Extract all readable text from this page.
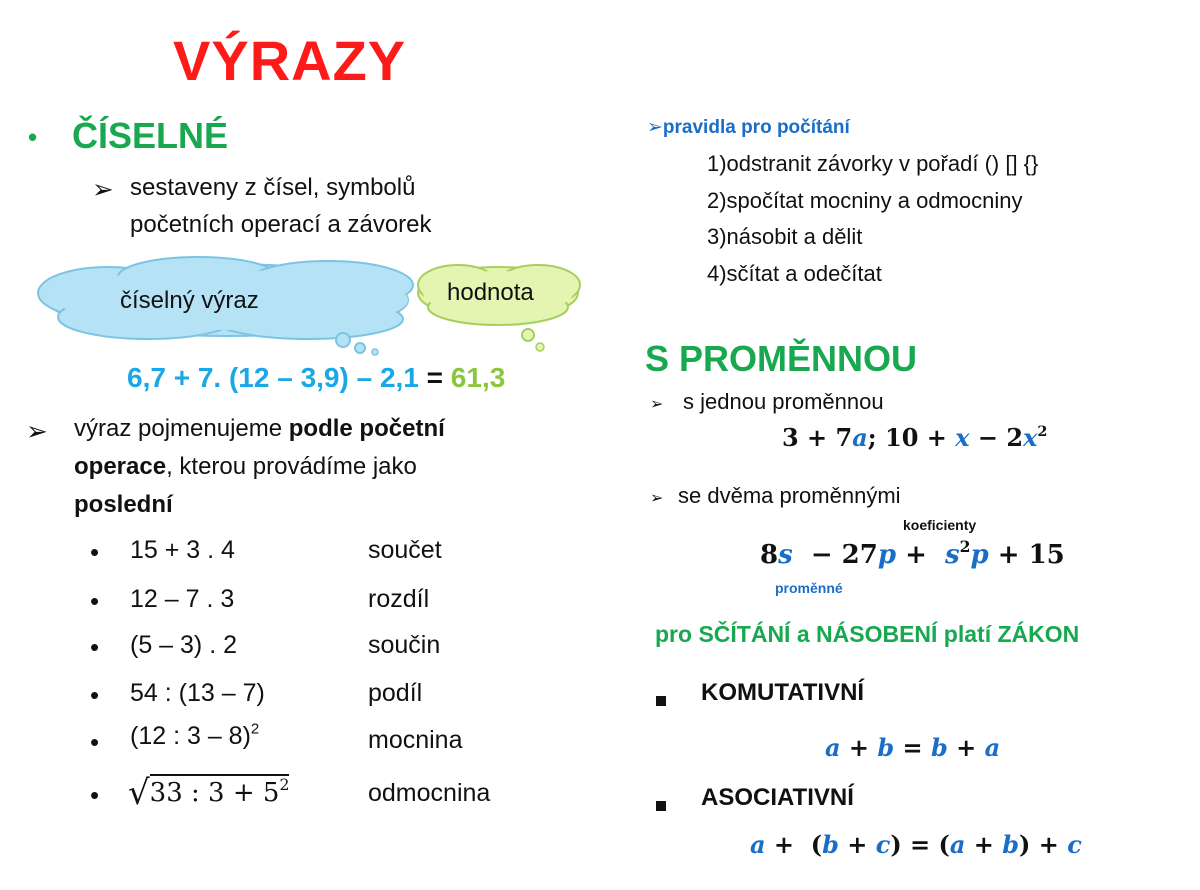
VÝRAZY
• ČÍSELNÉ
➢ sestaveny z čísel, symbolů
početních operací a závorek
číselný výraz	hodnota
6,7 + 7. (12 – 3,9) – 2,1 = 61,3
➢ výraz pojmenujeme podle početní
operace, kterou provádíme jako
poslední
• 15 + 3 . 4	součet
• 12 – 7 . 3	rozdíl
• (5 – 3) . 2	součin
• 54 : (13 – 7)	podíl
• (12 : 3 – 8)$^2$	mocnina
• √33 : $3 + 5^2$	odmocnina
➢pravidla pro počítání
1)odstranit závorky v pořadí () [] {}
2)spočítat mocniny a odmocniny
3)násobit a dělit
4)sčítat a odečítat
S PROMĚNNOU
➢ s jednou proměnnou
3 + 7a; $10 + x - 2x^2$
➢ se dvěma proměnnými
koeficienty
$8s - 27p + s^2p + 15$
proměnné
pro SČÍTÁNÍ a NÁSOBENÍ platí ZÁKON
KOMUTATIVNÍ
a + b = b + a
ASOCIATIVNÍ
a +  (b + c) = (a + b) + c
